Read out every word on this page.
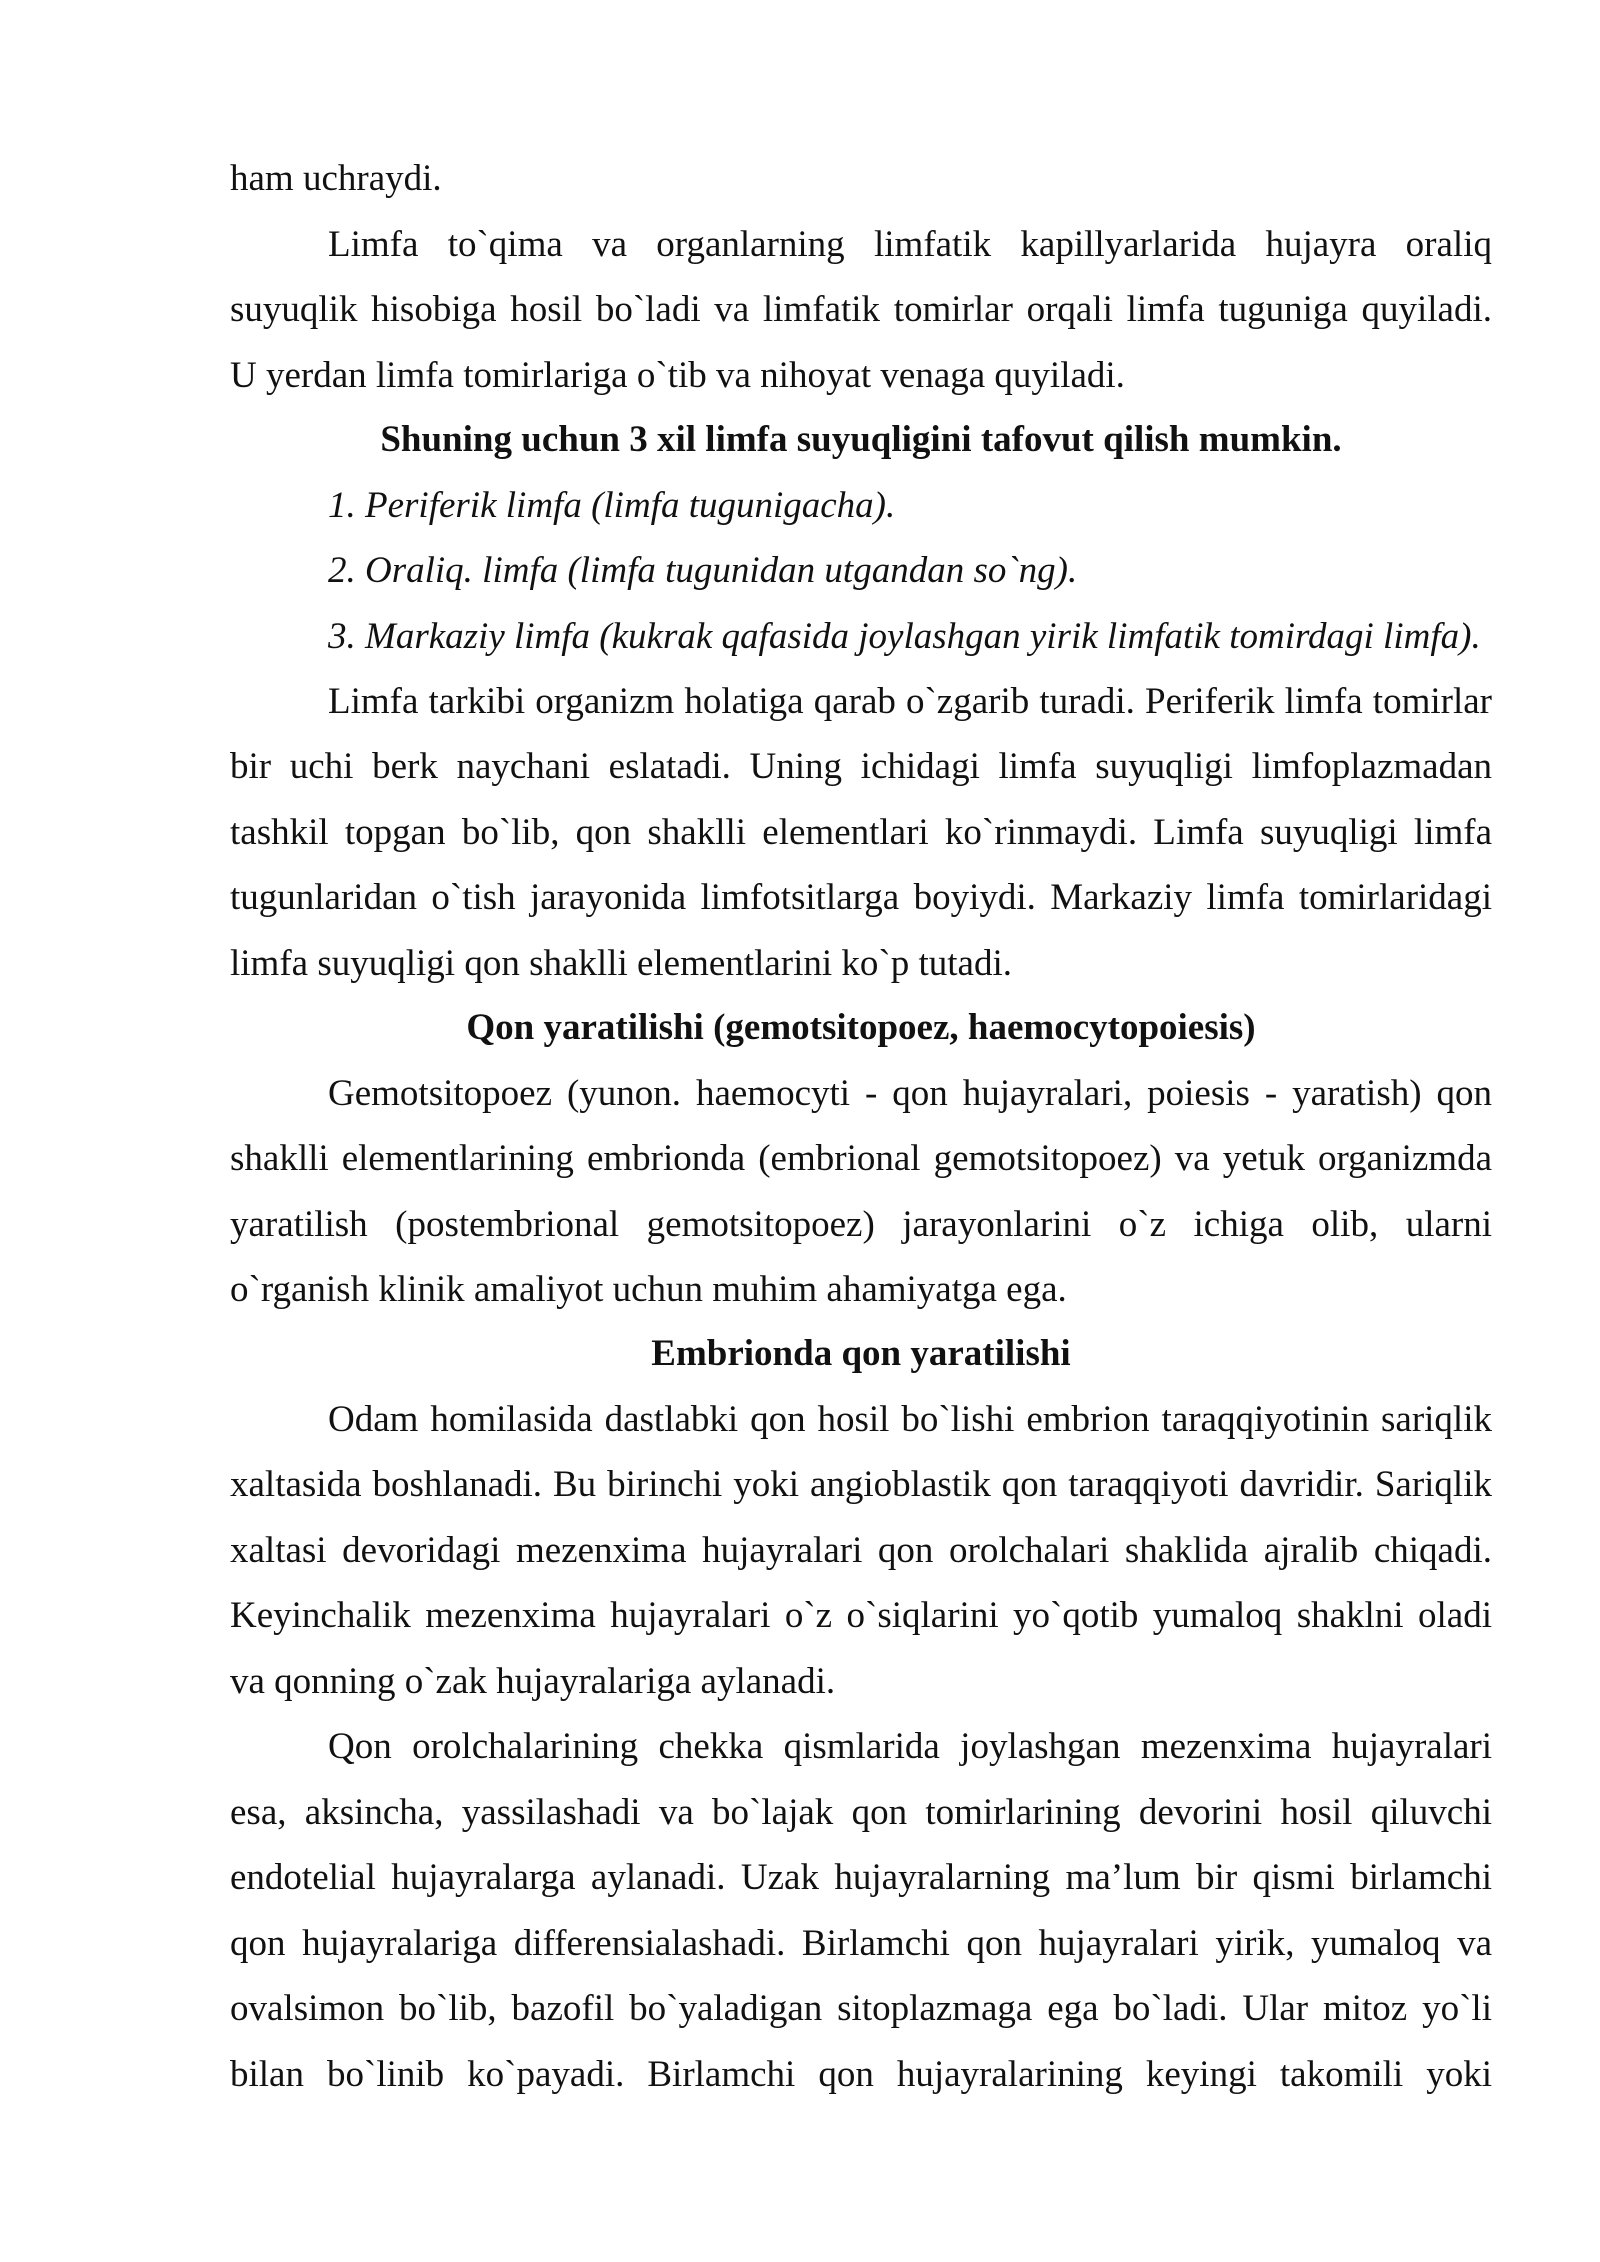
ham uchraydi.
Limfa to`qima va organlarning limfatik kapillyarlarida hujayra oraliq
suyuqlik hisobiga hosil bo`ladi va limfatik tomirlar orqali limfa tuguniga quyiladi.
U yerdan limfa tomirlariga o`tib va nihoyat venaga quyiladi.
Shuning uchun 3 xil limfa suyuqligini tafovut qilish mumkin.
1. Periferik limfa (limfa tugunigacha).
2. Oraliq. limfa (limfa tugunidan utgandan so`ng).
3. Markaziy limfa (kukrak qafasida joylashgan yirik limfatik tomirdagi limfa).
Limfa tarkibi organizm holatiga qarab o`zgarib turadi. Periferik limfa tomirlar
bir uchi berk naychani eslatadi. Uning ichidagi limfa suyuqligi limfoplazmadan
tashkil topgan bo`lib, qon shaklli elementlari ko`rinmaydi. Limfa suyuqligi limfa
tugunlaridan o`tish jarayonida limfotsitlarga boyiydi. Markaziy limfa tomirlaridagi
limfa suyuqligi qon shaklli elementlarini ko`p tutadi.
Qon yaratilishi (gemotsitopoez, haemocytopoiesis)
Gemotsitopoez (yunon. haemocyti - qon hujayralari, poiesis - yaratish) qon
shaklli elementlarining embrionda (embrional gemotsitopoez) va yetuk organizmda
yaratilish (postembrional gemotsitopoez) jarayonlarini o`z ichiga olib, ularni
o`rganish klinik amaliyot uchun muhim ahamiyatga ega.
Embrionda qon yaratilishi
Odam homilasida dastlabki qon hosil bo`lishi embrion taraqqiyotinin sariqlik
xaltasida boshlanadi. Bu birinchi yoki angioblastik qon taraqqiyoti davridir. Sariqlik
xaltasi devoridagi mezenxima hujayralari qon orolchalari shaklida ajralib chiqadi.
Keyinchalik mezenxima hujayralari o`z o`siqlarini yo`qotib yumaloq shaklni oladi
va qonning o`zak hujayralariga aylanadi.
Qon orolchalarining chekka qismlarida joylashgan mezenxima hujayralari
esa, aksincha, yassilashadi va bo`lajak qon tomirlarining devorini hosil qiluvchi
endotelial hujayralarga aylanadi. Uzak hujayralarning ma’lum bir qismi birlamchi
qon hujayralariga differensialashadi. Birlamchi qon hujayralari yirik, yumaloq va
ovalsimon bo`lib, bazofil bo`yaladigan sitoplazmaga ega bo`ladi. Ular mitoz yo`li
bilan bo`linib ko`payadi. Birlamchi qon hujayralarining keyingi takomili yoki
